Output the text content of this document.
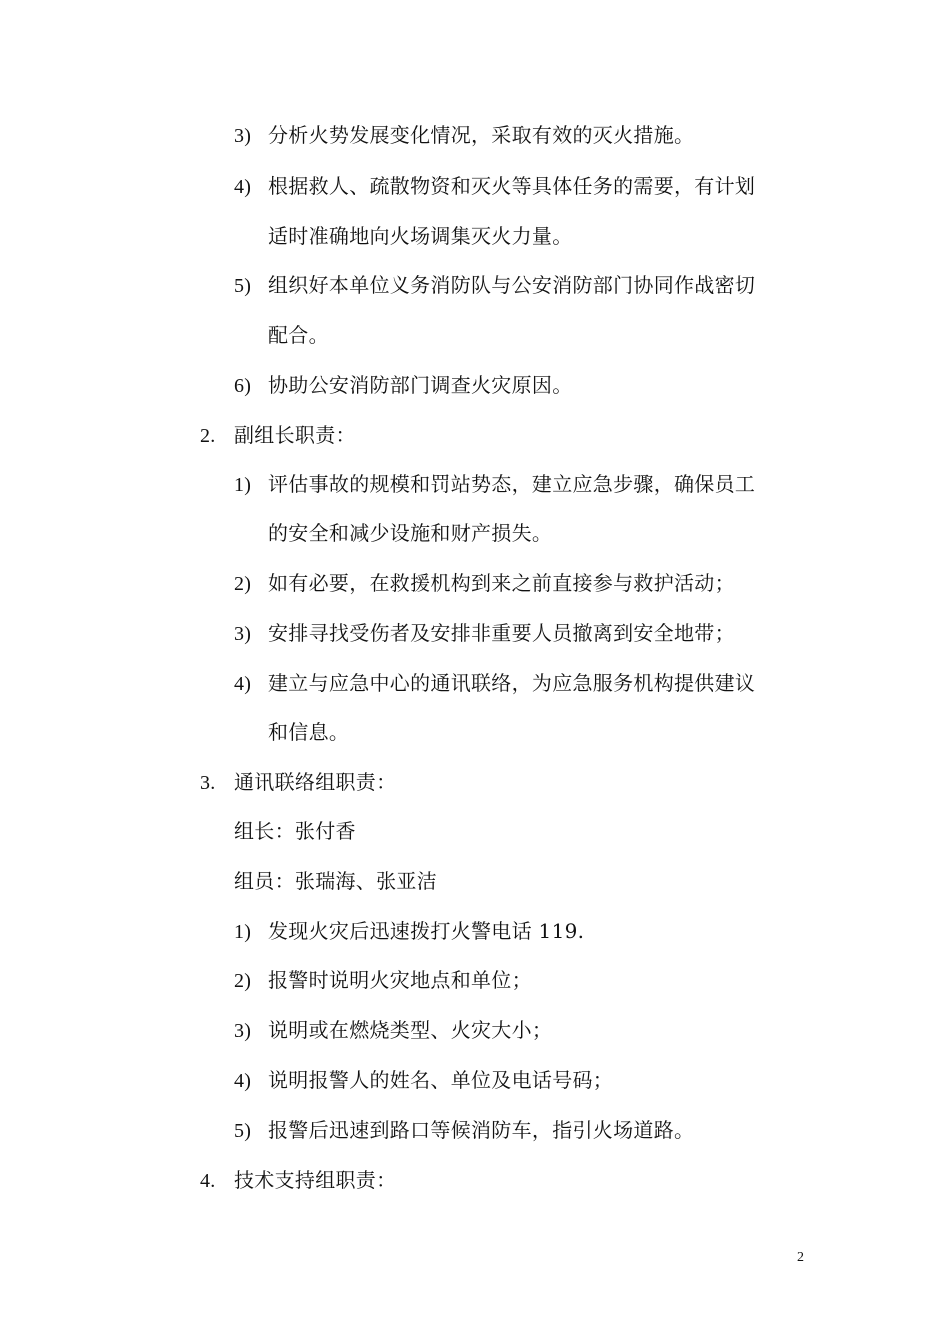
3) 分析火势发展变化情况，采取有效的灭火措施。
4) 根据救人、疏散物资和灭火等具体任务的需要，有计划
适时准确地向火场调集灭火力量。
5) 组织好本单位义务消防队与公安消防部门协同作战密切
配合。
6) 协助公安消防部门调查火灾原因。
2. 副组长职责：
1) 评估事故的规模和罚站势态，建立应急步骤，确保员工
的安全和减少设施和财产损失。
2) 如有必要，在救援机构到来之前直接参与救护活动；
3) 安排寻找受伤者及安排非重要人员撤离到安全地带；
4) 建立与应急中心的通讯联络，为应急服务机构提供建议
和信息。
3. 通讯联络组职责：
组长：张付香
组员：张瑞海、张亚洁
1) 发现火灾后迅速拨打火警电话 119.
2) 报警时说明火灾地点和单位；
3) 说明或在燃烧类型、火灾大小；
4) 说明报警人的姓名、单位及电话号码；
5) 报警后迅速到路口等候消防车，指引火场道路。
4. 技术支持组职责：
2
